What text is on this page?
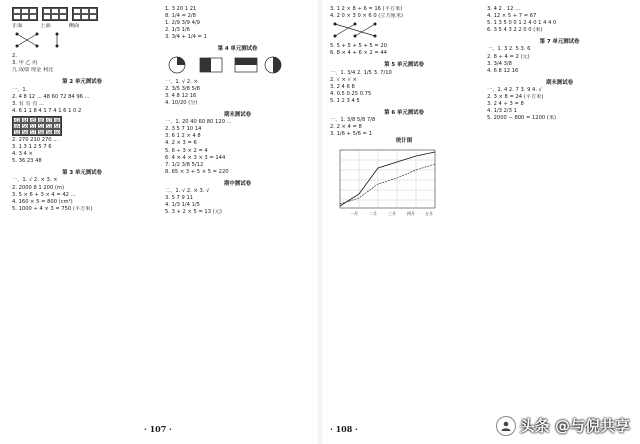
正面	上面	侧面
2.
3. 甲 乙 丙
九.成绩 现金 利比
第 2 单元测试卷
一、1.
2. 4 8 12 ... 48 60 72 84 96 ...
3. 有 有 有 ...
4. 6 1 1 8 4 1 7 4 1 6 1 0 2
43 44 45 46 47 48
49 50 51 52 53 54
55 56 57 58 59 60
2. 270 210 270 ...
3. 1 3 1 2 5 7 6
4. 3 4 ×
5. 36 23 48
第 3 单元测试卷
一、1. √ 2. × 3. ×
2. 2000 8 1 200 (m)
3. 5 × 6 + 3 × 4 = 42 ...
4. 160 × 5 = 800 (cm²)
5. 1000 ÷ 4 × 3 = 750 (平方米)
1. 3 20 1 21
8. 1/4 = 2/8
1. 2/9 3/9 4/9
2. 1/3 1/6
3. 3/4 + 1/4 = 1
第 4 单元测试卷
一、1. √ 2. ×
2. 3/5 3/8 5/8
3. 4 8 12 16
4. 10/20 (分)
期末测试卷
一、1. 20 40 60 80 120 ...
2. 3 5 7 10 14
3. 6 1 2 × 4 8
4. 2 × 3 = 6
5. 6 ÷ 3 × 2 = 4
6. 4 × 4 × 3 × 3 = 144
7. 1/2 3/8 5/12
8. 65 × 3 + 5 × 5 = 220
期中测试卷
二、1. √ 2. × 3. √
3. 5 7 9 11
4. 1/3 1/4 1/5
5. 3 + 2 × 5 = 13 (元)
· 107 ·
3. 1 2 × 8 ÷ 6 = 16 (平方米)
4. 2 0 × 3 0 × 6 0 (立方厘米)
5. 5 + 5 + 5 + 5 = 20
6. 8 × 4 + 6 × 2 = 44
第 5 单元测试卷
一、1. 3/4 2. 1/5 3. 7/10
2. √ × √ ×
3. 2 4 6 8
4. 0.5 0.25 0.75
5. 1 2 3 4 5
第 6 单元测试卷
一、1. 3/8 5/8 7/8
2. 2 × 4 = 8
3. 1/6 + 5/6 = 1
统计图
一月	二月	三月	四月	五月
3. 4 2 . 12 ...
4. 12 × 5 + 7 = 67
5. 1 3 5 0 0 1 2 4 0 1 4 4 0
6. 3 5 4 3 2 2 0 0 (米)
第 7 单元测试卷
一、1. 3 2. 5 3. 6
2. 8 ÷ 4 = 2 (元)
3. 3/4 3/8
4. 6 8 12 16
期末测试卷
一、1. 4 2. 7 3. 9 4. √
2. 3 × 8 = 24 (平方米)
3. 2 4 ÷ 3 = 8
4. 1/3 2/3 1
5. 2000 − 800 = 1200 (米)
· 108 ·	头条 @与倪共享
